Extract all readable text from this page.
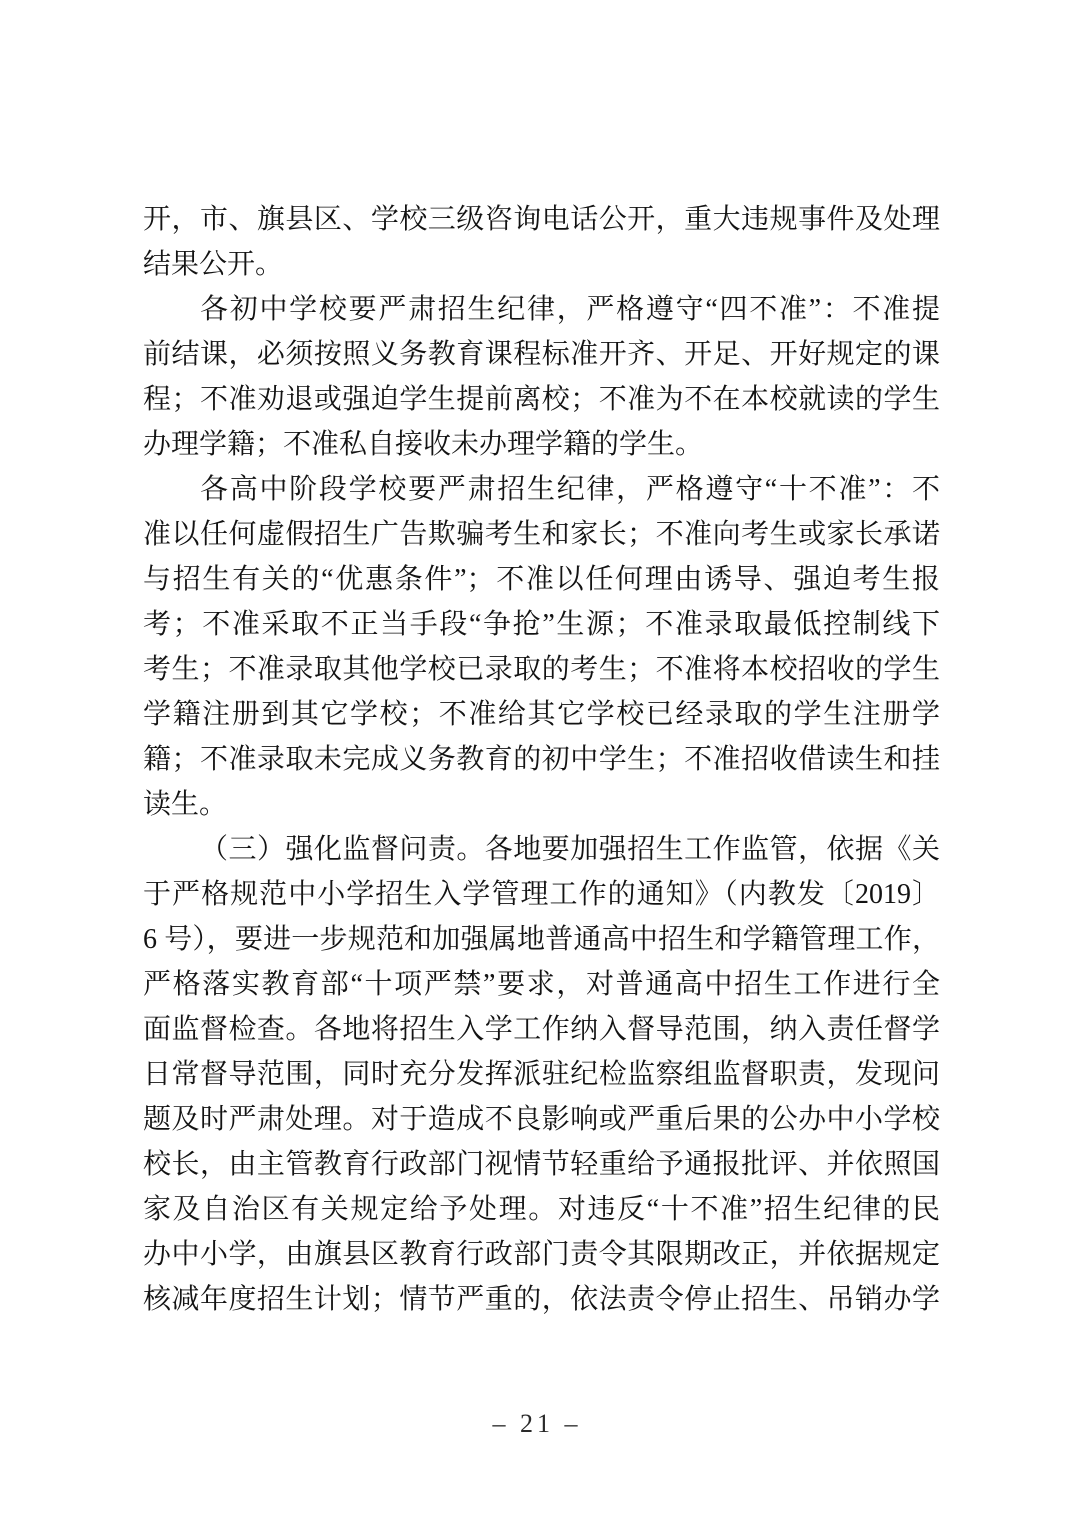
开，市、旗县区、学校三级咨询电话公开，重大违规事件及处理
结果公开。
各初中学校要严肃招生纪律，严格遵守“四不准”：不准提
前结课，必须按照义务教育课程标准开齐、开足、开好规定的课
程；不准劝退或强迫学生提前离校；不准为不在本校就读的学生
办理学籍；不准私自接收未办理学籍的学生。
各高中阶段学校要严肃招生纪律，严格遵守“十不准”：不
准以任何虚假招生广告欺骗考生和家长；不准向考生或家长承诺
与招生有关的“优惠条件”；不准以任何理由诱导、强迫考生报
考；不准采取不正当手段“争抢”生源；不准录取最低控制线下
考生；不准录取其他学校已录取的考生；不准将本校招收的学生
学籍注册到其它学校；不准给其它学校已经录取的学生注册学
籍；不准录取未完成义务教育的初中学生；不准招收借读生和挂
读生。
（三）强化监督问责。各地要加强招生工作监管，依据《关
于严格规范中小学招生入学管理工作的通知》（内教发〔2019〕
6 号），要进一步规范和加强属地普通高中招生和学籍管理工作，
严格落实教育部“十项严禁”要求，对普通高中招生工作进行全
面监督检查。各地将招生入学工作纳入督导范围，纳入责任督学
日常督导范围，同时充分发挥派驻纪检监察组监督职责，发现问
题及时严肃处理。对于造成不良影响或严重后果的公办中小学校
校长，由主管教育行政部门视情节轻重给予通报批评、并依照国
家及自治区有关规定给予处理。对违反“十不准”招生纪律的民
办中小学，由旗县区教育行政部门责令其限期改正，并依据规定
核减年度招生计划；情节严重的，依法责令停止招生、吊销办学
– 21 –
